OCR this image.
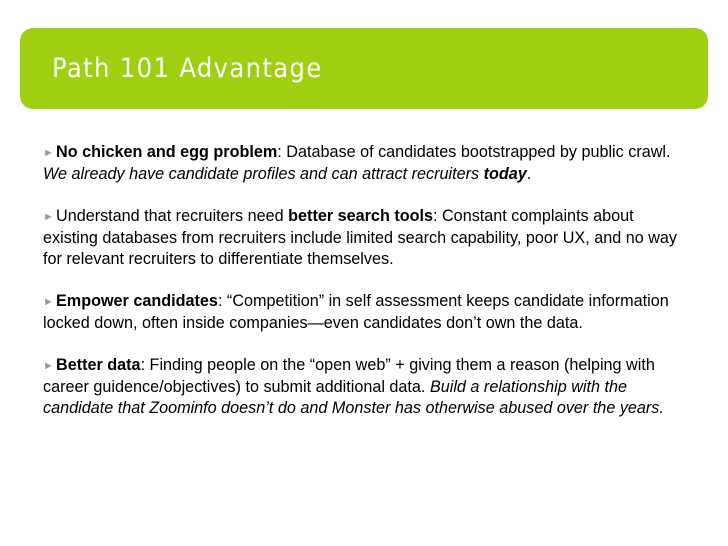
Path 101 Advantage

► No chicken and egg problem: Database of candidates bootstrapped by public crawl. We already have candidate profiles and can attract recruiters today.

► Understand that recruiters need better search tools: Constant complaints about existing databases from recruiters include limited search capability, poor UX, and no way for relevant recruiters to differentiate themselves.

► Empower candidates: “Competition” in self assessment keeps candidate information locked down, often inside companies—even candidates don’t own the data.

► Better data: Finding people on the “open web” + giving them a reason (helping with career guidence/objectives) to submit additional data. Build a relationship with the candidate that Zoominfo doesn’t do and Monster has otherwise abused over the years.
